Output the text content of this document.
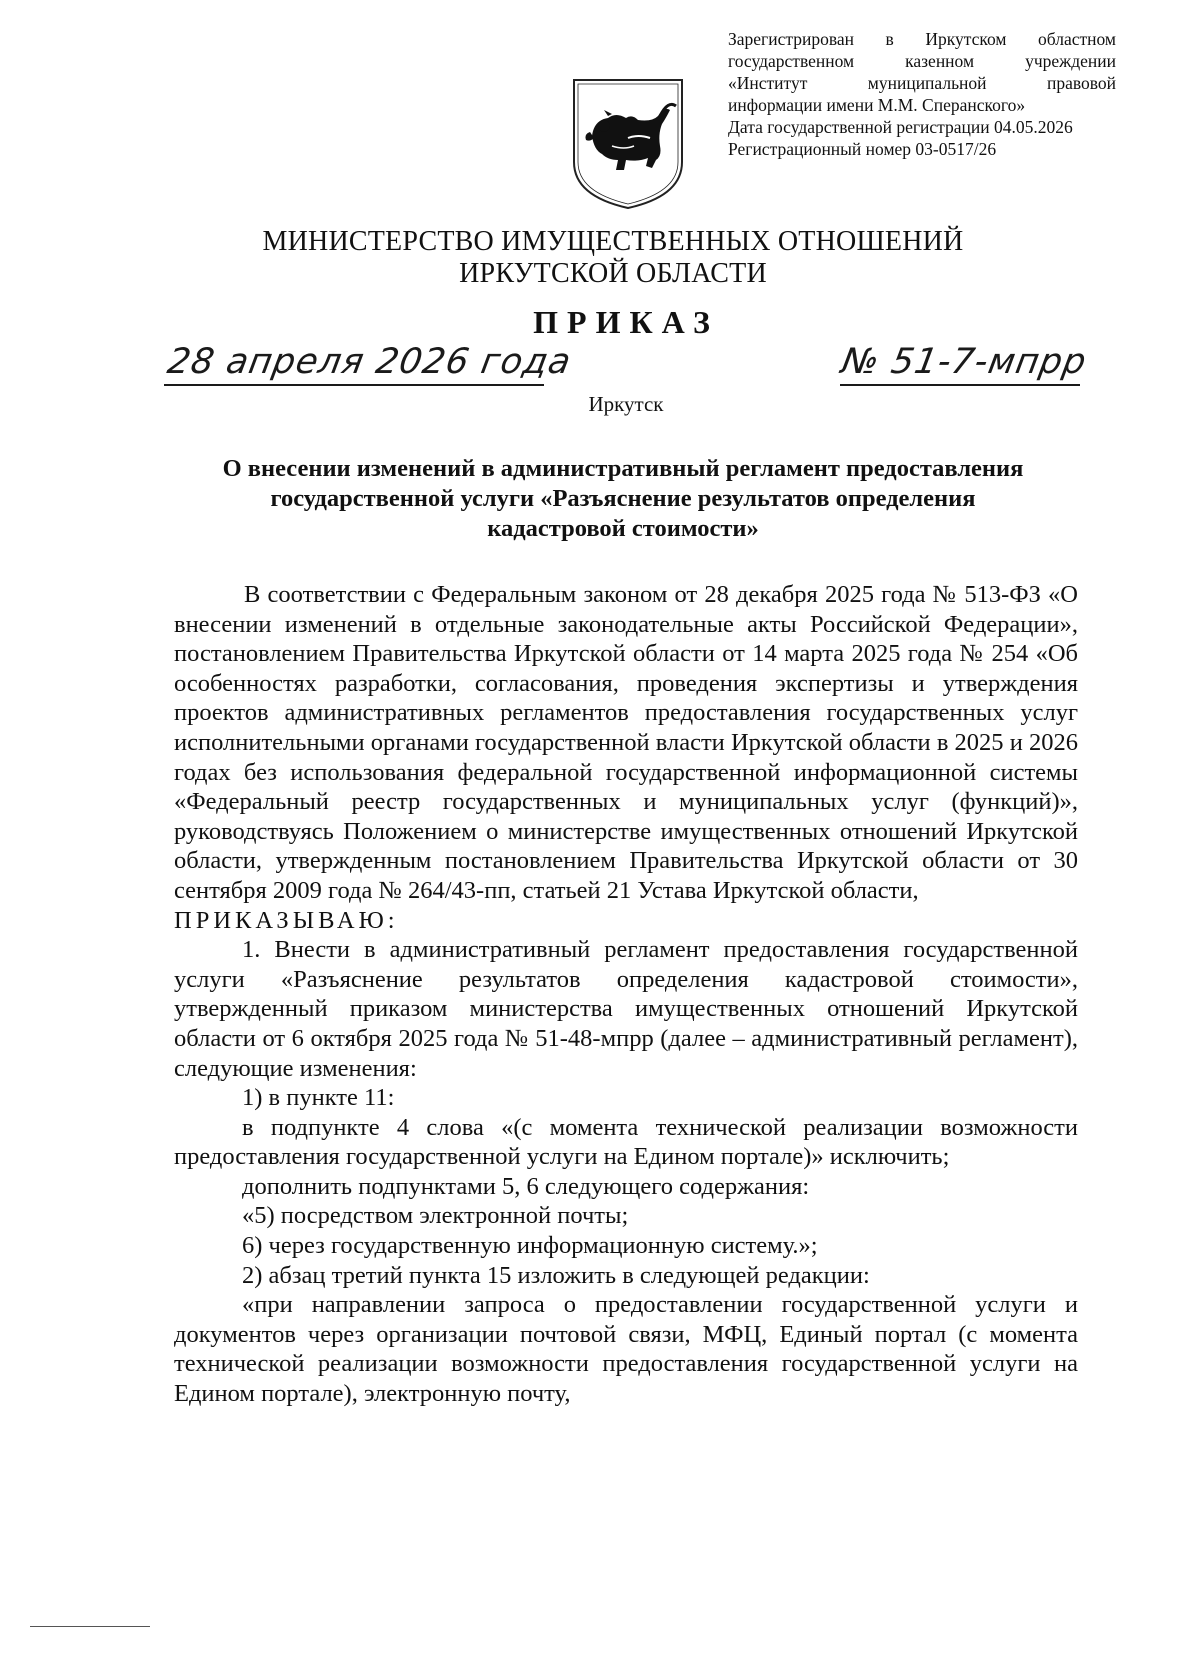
Зарегистрирован в Иркутском областном
государственном казенном учреждении
«Институт муниципальной правовой
информации имени М.М. Сперанского»
Дата государственной регистрации 04.05.2026
Регистрационный номер 03-0517/26
МИНИСТЕРСТВО ИМУЩЕСТВЕННЫХ ОТНОШЕНИЙ
ИРКУТСКОЙ ОБЛАСТИ
ПРИКАЗ
28 апреля 2026 года	№ 51-7-мпрр
Иркутск
О внесении изменений в административный регламент предоставления
государственной услуги «Разъяснение результатов определения
кадастровой стоимости»

В соответствии с Федеральным законом от 28 декабря 2025 года № 513-ФЗ «О внесении изменений в отдельные законодательные акты Российской Федерации», постановлением Правительства Иркутской области от 14 марта 2025 года № 254 «Об особенностях разработки, согласования, проведения экспертизы и утверждения проектов административных регламентов предоставления государственных услуг исполнительными органами государственной власти Иркутской области в 2025 и 2026 годах без использования федеральной государственной информационной системы «Федеральный реестр государственных и муниципальных услуг (функций)», руководствуясь Положением о министерстве имущественных отношений Иркутской области, утвержденным постановлением Правительства Иркутской области от 30 сентября 2009 года № 264/43-пп, статьей 21 Устава Иркутской области,

ПРИКАЗЫВАЮ:

1. Внести в административный регламент предоставления государственной услуги «Разъяснение результатов определения кадастровой стоимости», утвержденный приказом министерства имущественных отношений Иркутской области от 6 октября 2025 года № 51-48-мпрр (далее – административный регламент), следующие изменения:

1) в пункте 11:

в подпункте 4 слова «(с момента технической реализации возможности предоставления государственной услуги на Едином портале)» исключить;

дополнить подпунктами 5, 6 следующего содержания:

«5) посредством электронной почты;

6) через государственную информационную систему.»;

2) абзац третий пункта 15 изложить в следующей редакции:

«при направлении запроса о предоставлении государственной услуги и документов через организации почтовой связи, МФЦ, Единый портал (с момента технической реализации возможности предоставления государственной услуги на Едином портале), электронную почту,
